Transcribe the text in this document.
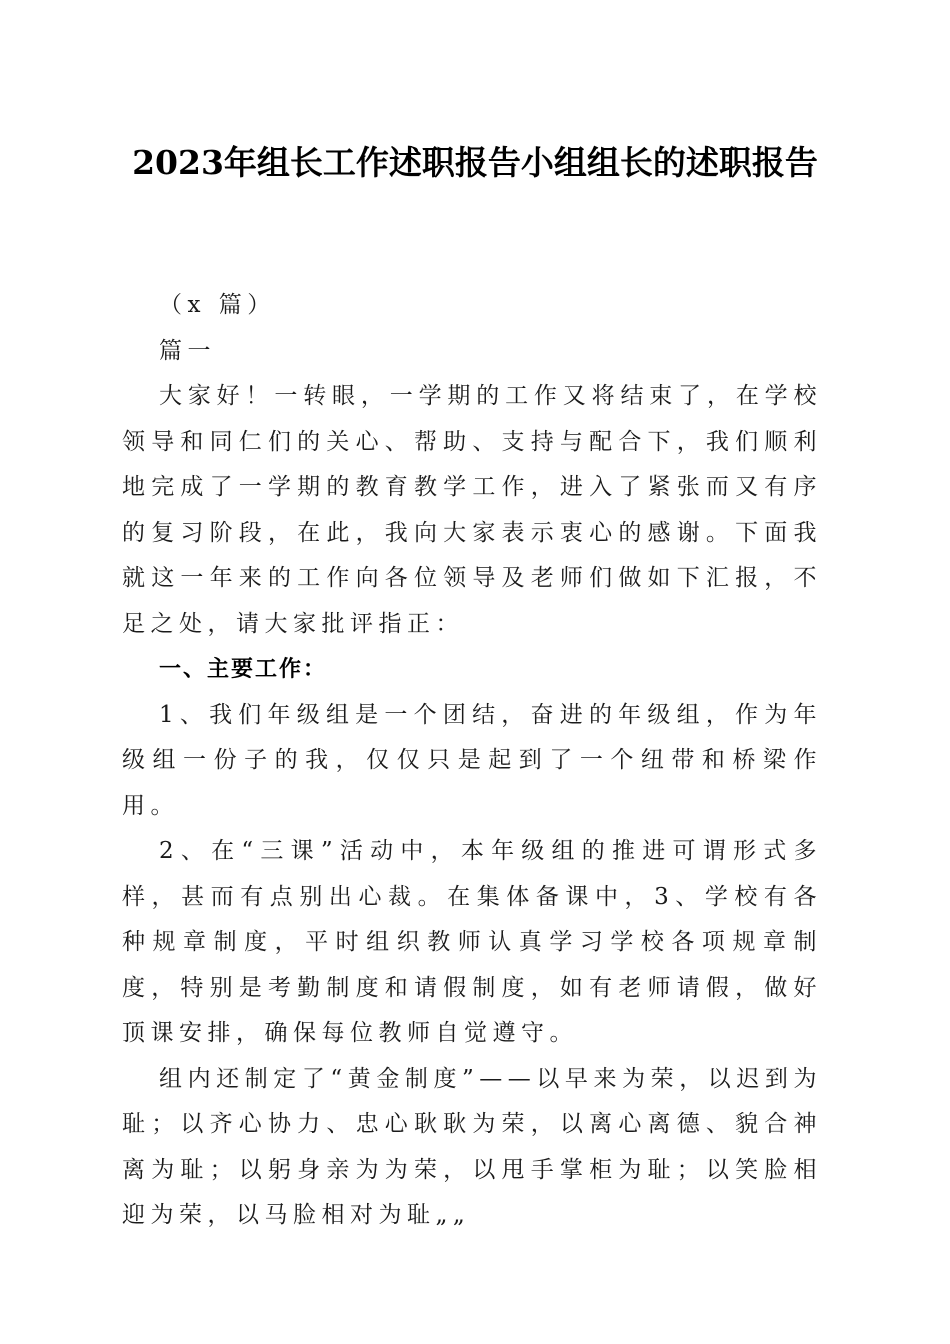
2023年组长工作述职报告小组组长的述职报告

（x 篇）

篇一

大家好！一转眼，一学期的工作又将结束了，在学校领导和同仁们的关心、帮助、支持与配合下，我们顺利地完成了一学期的教育教学工作，进入了紧张而又有序的复习阶段，在此，我向大家表示衷心的感谢。下面我就这一年来的工作向各位领导及老师们做如下汇报，不足之处，请大家批评指正：

一、主要工作：

1、我们年级组是一个团结，奋进的年级组，作为年级组一份子的我，仅仅只是起到了一个纽带和桥梁作用。

2、在“三课”活动中，本年级组的推进可谓形式多样，甚而有点别出心裁。在集体备课中，3、学校有各种规章制度，平时组织教师认真学习学校各项规章制度，特别是考勤制度和请假制度，如有老师请假，做好顶课安排，确保每位教师自觉遵守。

组内还制定了“黄金制度”——以早来为荣，以迟到为耻；以齐心协力、忠心耿耿为荣，以离心离德、貌合神离为耻；以躬身亲为为荣，以甩手掌柜为耻；以笑脸相迎为荣，以马脸相对为耻„„
